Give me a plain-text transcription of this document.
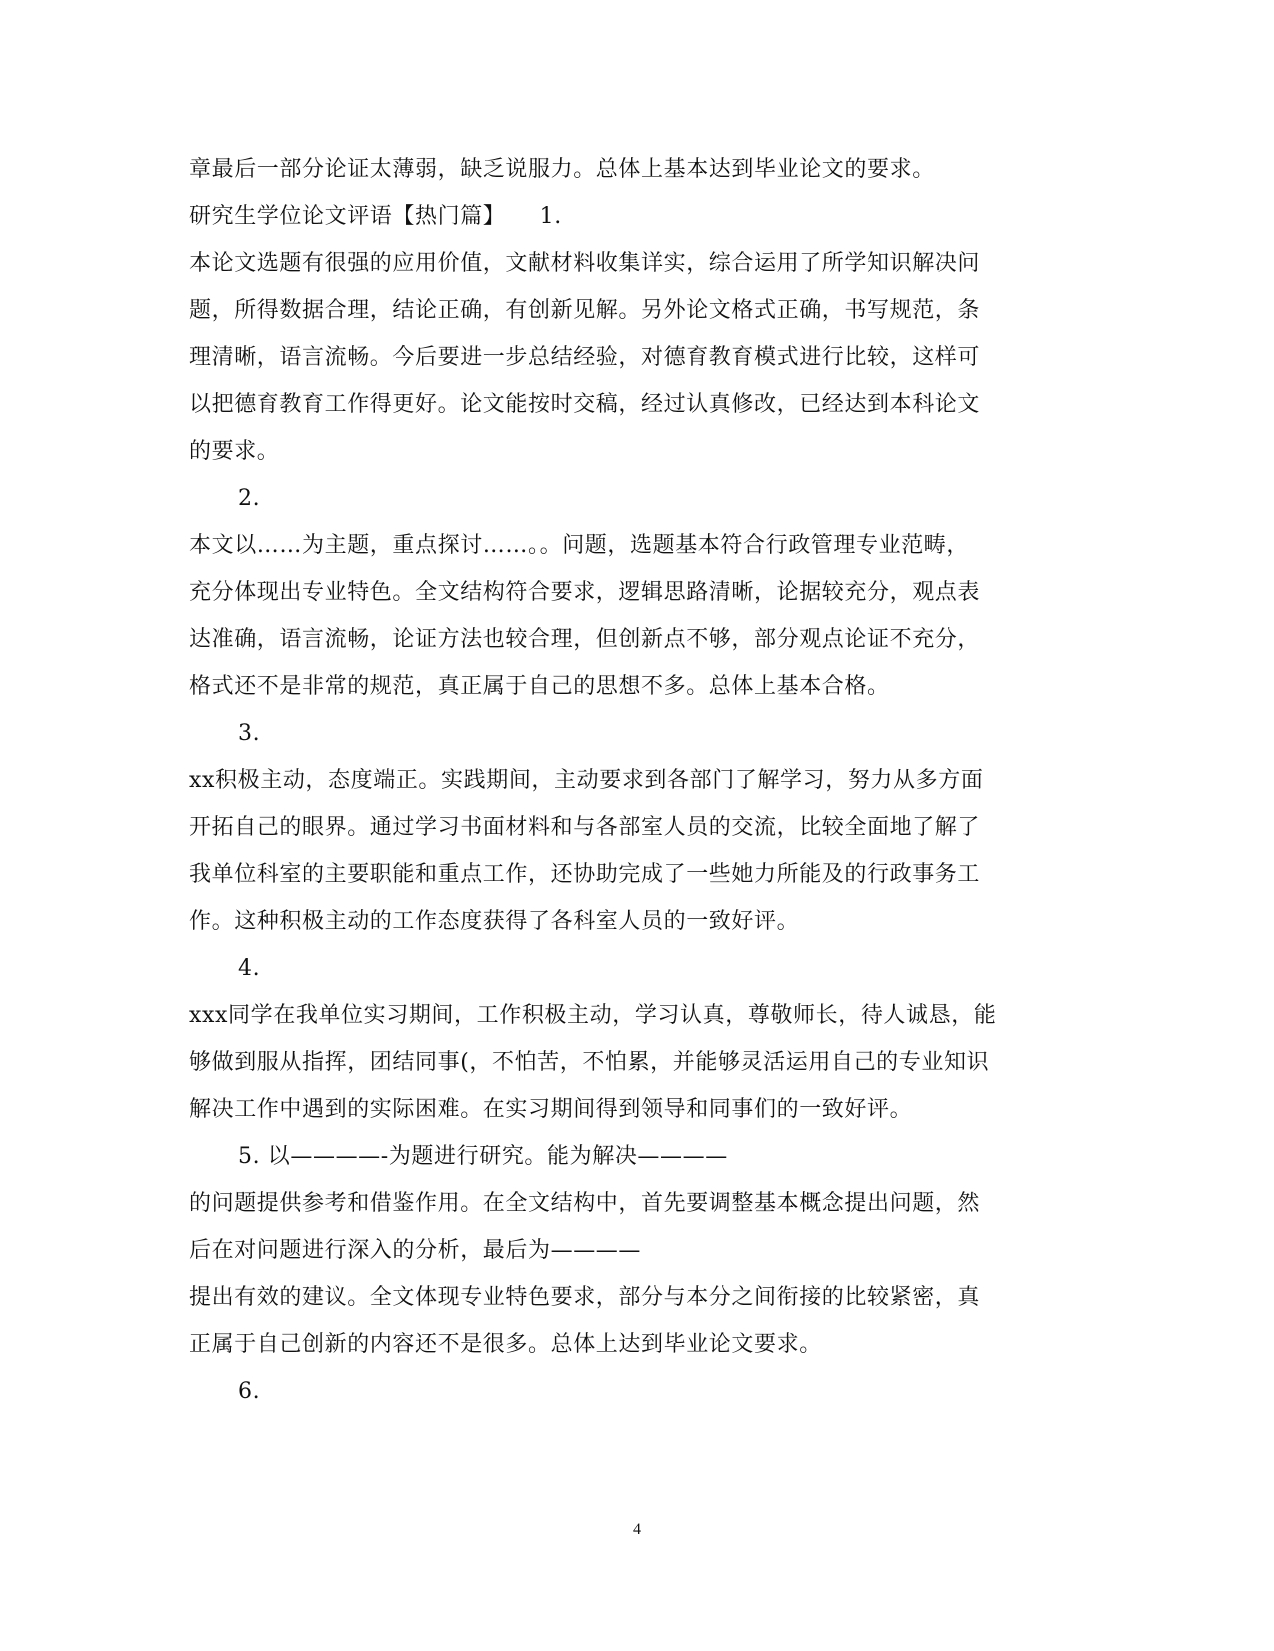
章最后一部分论证太薄弱，缺乏说服力。总体上基本达到毕业论文的要求。
研究生学位论文评语【热门篇】　　1.
本论文选题有很强的应用价值，文献材料收集详实，综合运用了所学知识解决问
题，所得数据合理，结论正确，有创新见解。另外论文格式正确，书写规范，条
理清晰，语言流畅。今后要进一步总结经验，对德育教育模式进行比较，这样可
以把德育教育工作得更好。论文能按时交稿，经过认真修改，已经达到本科论文
的要求。
2.
本文以……为主题，重点探讨……。。问题，选题基本符合行政管理专业范畴，
充分体现出专业特色。全文结构符合要求，逻辑思路清晰，论据较充分，观点表
达准确，语言流畅，论证方法也较合理，但创新点不够，部分观点论证不充分，
格式还不是非常的规范，真正属于自己的思想不多。总体上基本合格。
3.
xx积极主动，态度端正。实践期间，主动要求到各部门了解学习，努力从多方面
开拓自己的眼界。通过学习书面材料和与各部室人员的交流，比较全面地了解了
我单位科室的主要职能和重点工作，还协助完成了一些她力所能及的行政事务工
作。这种积极主动的工作态度获得了各科室人员的一致好评。
4.
xxx同学在我单位实习期间，工作积极主动，学习认真，尊敬师长，待人诚恳，能
够做到服从指挥，团结同事(，不怕苦，不怕累，并能够灵活运用自己的专业知识
解决工作中遇到的实际困难。在实习期间得到领导和同事们的一致好评。
5. 以————-为题进行研究。能为解决————
的问题提供参考和借鉴作用。在全文结构中，首先要调整基本概念提出问题，然
后在对问题进行深入的分析，最后为————
提出有效的建议。全文体现专业特色要求，部分与本分之间衔接的比较紧密，真
正属于自己创新的内容还不是很多。总体上达到毕业论文要求。
6.
4
